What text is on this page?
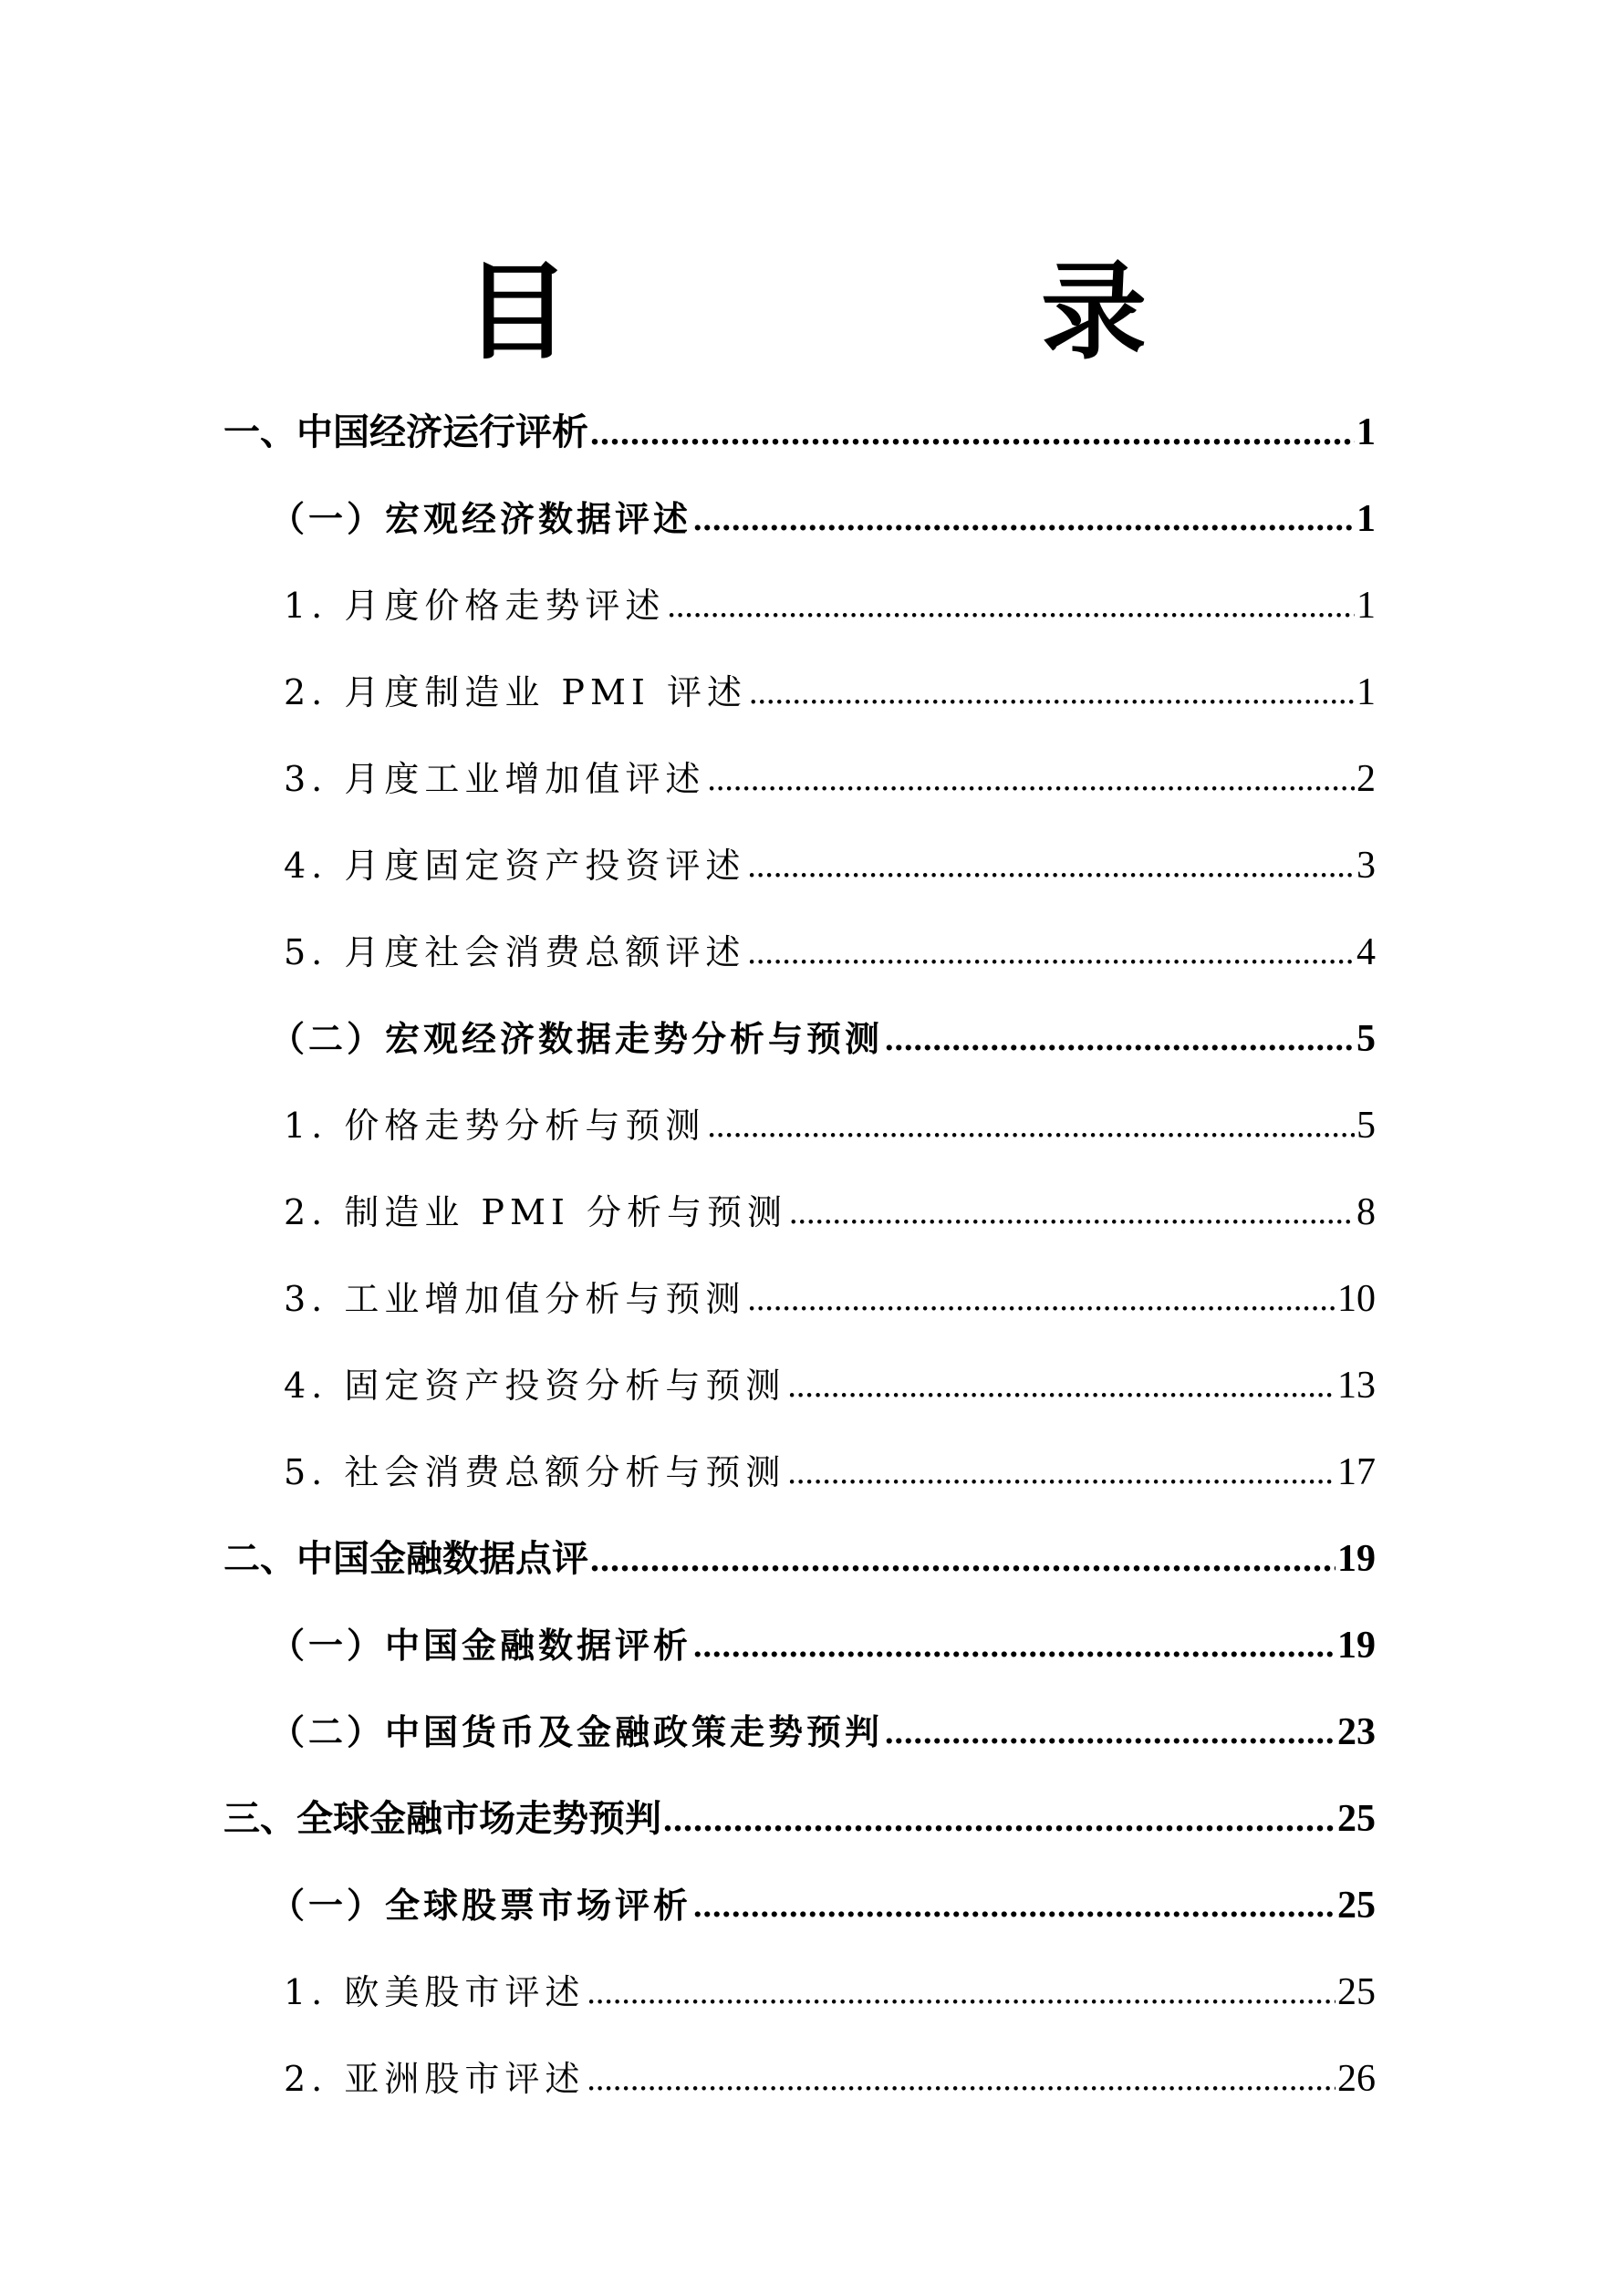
目　录
一、中国经济运行评析 .....	1
（一）宏观经济数据评述 .....	1
1. 月度价格走势评述 .....	1
2. 月度制造业 PMI 评述 .....	1
3. 月度工业增加值评述 .....	2
4. 月度固定资产投资评述 .....	3
5. 月度社会消费总额评述 .....	4
（二）宏观经济数据走势分析与预测 .....	5
1. 价格走势分析与预测 .....	5
2. 制造业 PMI 分析与预测 .....	8
3. 工业增加值分析与预测 .....	10
4. 固定资产投资分析与预测 .....	13
5. 社会消费总额分析与预测 .....	17
二、中国金融数据点评 .....	19
（一）中国金融数据评析 .....	19
（二）中国货币及金融政策走势预判 .....	23
三、全球金融市场走势预判 .....	25
（一）全球股票市场评析 .....	25
1. 欧美股市评述 .....	25
2. 亚洲股市评述 .....	26
